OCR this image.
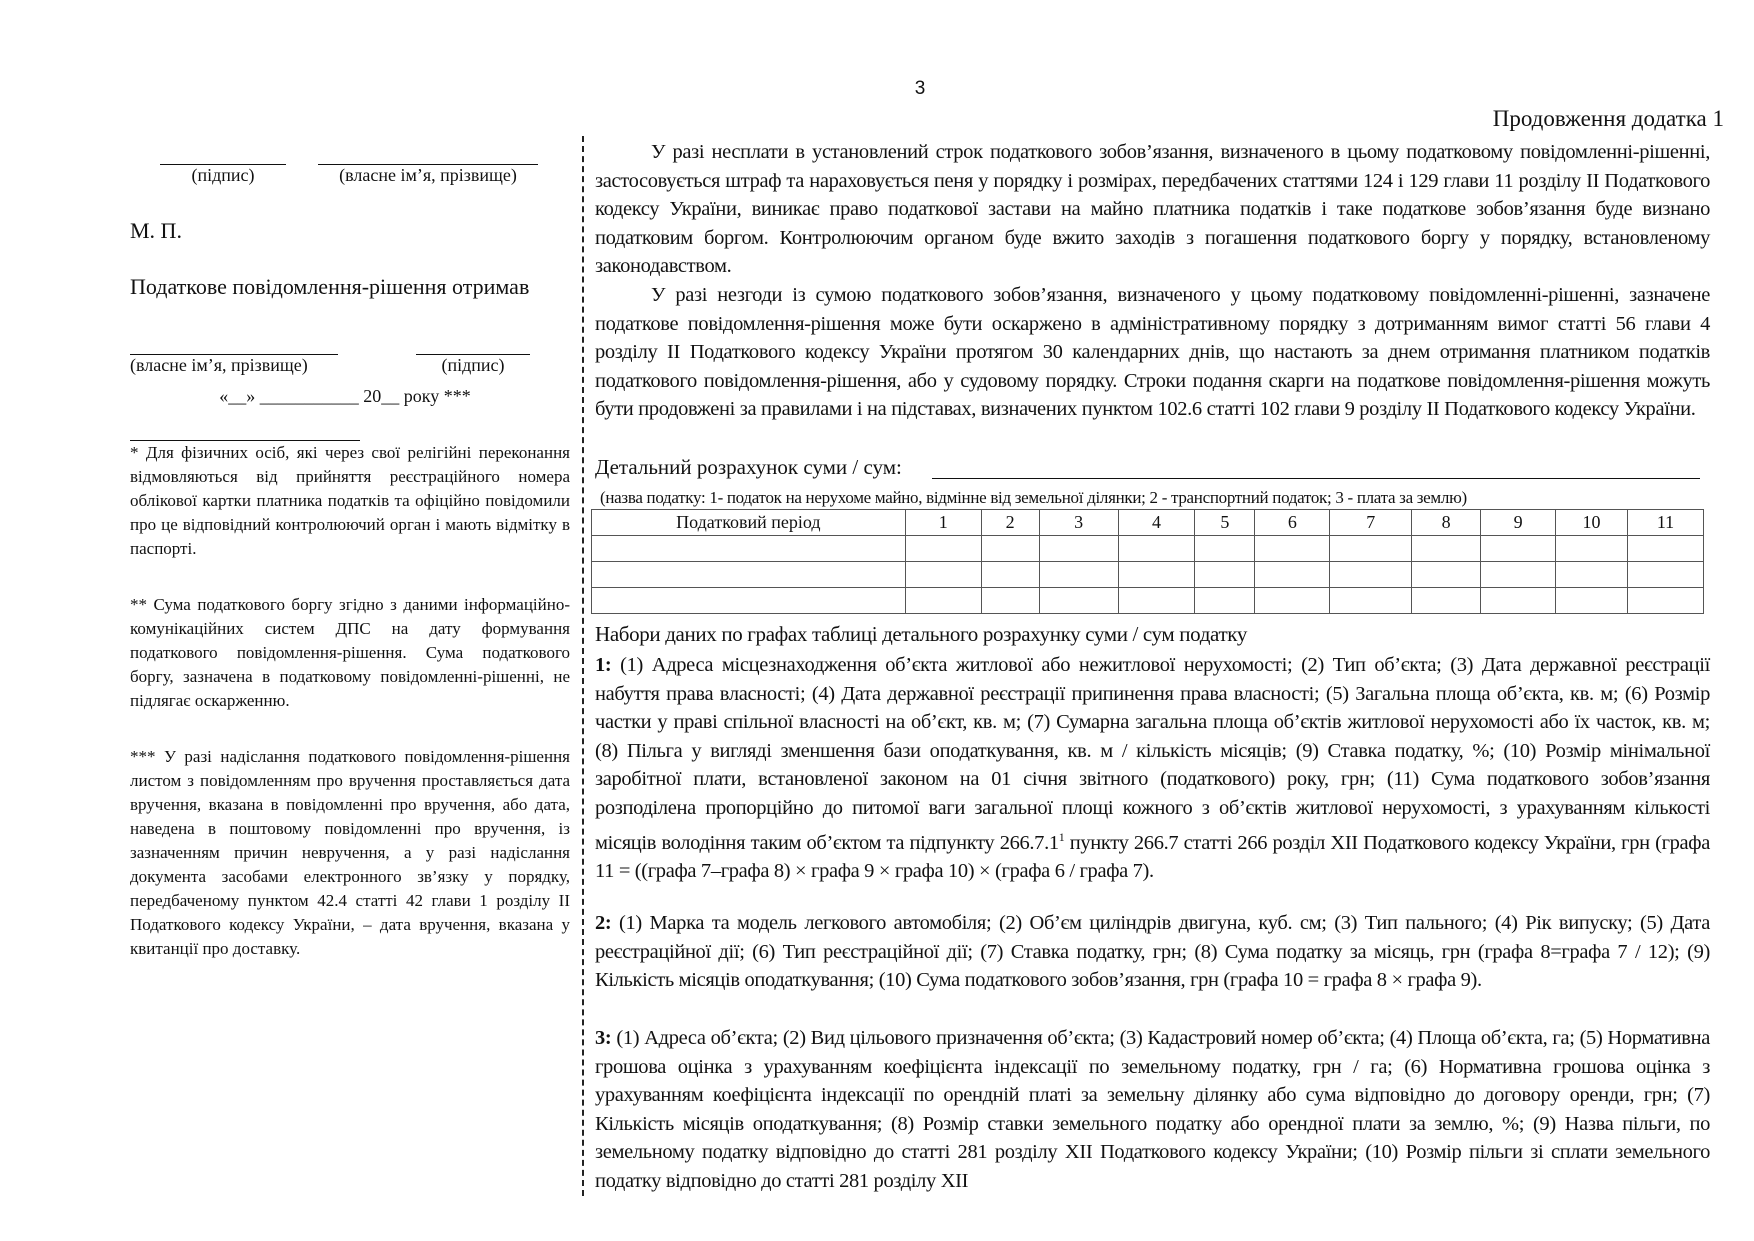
3
Продовження додатка 1
(підпис)	(власне ім’я, прізвище)
М. П.
Податкове повідомлення-рішення отримав
(власне ім’я, прізвище)	(підпис)
«__» ___________ 20__ року ***
* Для фізичних осіб, які через свої релігійні переконання відмовляються від прийняття реєстраційного номера облікової картки платника податків та офіційно повідомили про це відповідний контролюючий орган і мають відмітку в паспорті.
** Сума податкового боргу згідно з даними інформаційно-комунікаційних систем ДПС на дату формування податкового повідомлення-рішення. Сума податкового боргу, зазначена в податковому повідомленні-рішенні, не підлягає оскарженню.
*** У разі надіслання податкового повідомлення-рішення листом з повідомленням про вручення проставляється дата вручення, вказана в повідомленні про вручення, або дата, наведена в поштовому повідомленні про вручення, із зазначенням причин невручення, а у разі надіслання документа засобами електронного зв’язку у порядку, передбаченому пунктом 42.4 статті 42 глави 1 розділу ІІ Податкового кодексу України, – дата вручення, вказана у квитанції про доставку.
У разі несплати в установлений строк податкового зобов’язання, визначеного в цьому податковому повідомленні-рішенні, застосовується штраф та нараховується пеня у порядку і розмірах, передбачених статтями 124 і 129 глави 11 розділу ІІ Податкового кодексу України, виникає право податкової застави на майно платника податків і таке податкове зобов’язання буде визнано податковим боргом. Контролюючим органом буде вжито заходів з погашення податкового боргу у порядку, встановленому законодавством.
У разі незгоди із сумою податкового зобов’язання, визначеного у цьому податковому повідомленні-рішенні, зазначене податкове повідомлення-рішення може бути оскаржено в адміністративному порядку з дотриманням вимог статті 56 глави 4 розділу ІІ Податкового кодексу України протягом 30 календарних днів, що настають за днем отримання платником податків податкового повідомлення-рішення, або у судовому порядку. Строки подання скарги на податкове повідомлення-рішення можуть бути продовжені за правилами і на підставах, визначених пунктом 102.6 статті 102 глави 9 розділу ІІ Податкового кодексу України.
Детальний розрахунок суми / сум:
(назва податку: 1- податок на нерухоме майно, відмінне від земельної ділянки; 2 - транспортний податок; 3 - плата за землю)
Податковий період	1	2	3	4	5	6	7	8	9	10	11

Набори даних по графах таблиці детального розрахунку суми / сум податку
1: (1) Адреса місцезнаходження об’єкта житлової або нежитлової нерухомості; (2) Тип об’єкта; (3) Дата державної реєстрації набуття права власності; (4) Дата державної реєстрації припинення права власності; (5) Загальна площа об’єкта, кв. м; (6) Розмір частки у праві спільної власності на об’єкт, кв. м; (7) Сумарна загальна площа об’єктів житлової нерухомості або їх часток, кв. м; (8) Пільга у вигляді зменшення бази оподаткування, кв. м / кількість місяців; (9) Ставка податку, %; (10) Розмір мінімальної заробітної плати, встановленої законом на 01 січня звітного (податкового) року, грн; (11) Сума податкового зобов’язання розподілена пропорційно до питомої ваги загальної площі кожного з об’єктів житлової нерухомості, з урахуванням кількості місяців володіння таким об’єктом та підпункту 266.7.1$^1$ пункту 266.7 статті 266 розділ XII Податкового кодексу України, грн (графа 11 = ((графа 7–графа 8) × графа 9 × графа 10) × (графа 6 / графа 7).
2: (1) Марка та модель легкового автомобіля; (2) Об’єм циліндрів двигуна, куб. см; (3) Тип пального; (4) Рік випуску; (5) Дата реєстраційної дії; (6) Тип реєстраційної дії; (7) Ставка податку, грн; (8) Сума податку за місяць, грн (графа 8=графа 7 / 12); (9) Кількість місяців оподаткування; (10) Сума податкового зобов’язання, грн (графа 10 = графа 8 × графа 9).
3: (1) Адреса об’єкта; (2) Вид цільового призначення об’єкта; (3) Кадастровий номер об’єкта; (4) Площа об’єкта, га; (5) Нормативна грошова оцінка з урахуванням коефіцієнта індексації по земельному податку, грн / га; (6) Нормативна грошова оцінка з урахуванням коефіцієнта індексації по орендній платі за земельну ділянку або сума відповідно до договору оренди, грн; (7) Кількість місяців оподаткування; (8) Розмір ставки земельного податку або орендної плати за землю, %; (9) Назва пільги, по земельному податку відповідно до статті 281 розділу XII Податкового кодексу України; (10) Розмір пільги зі сплати земельного податку відповідно до статті 281 розділу XII
